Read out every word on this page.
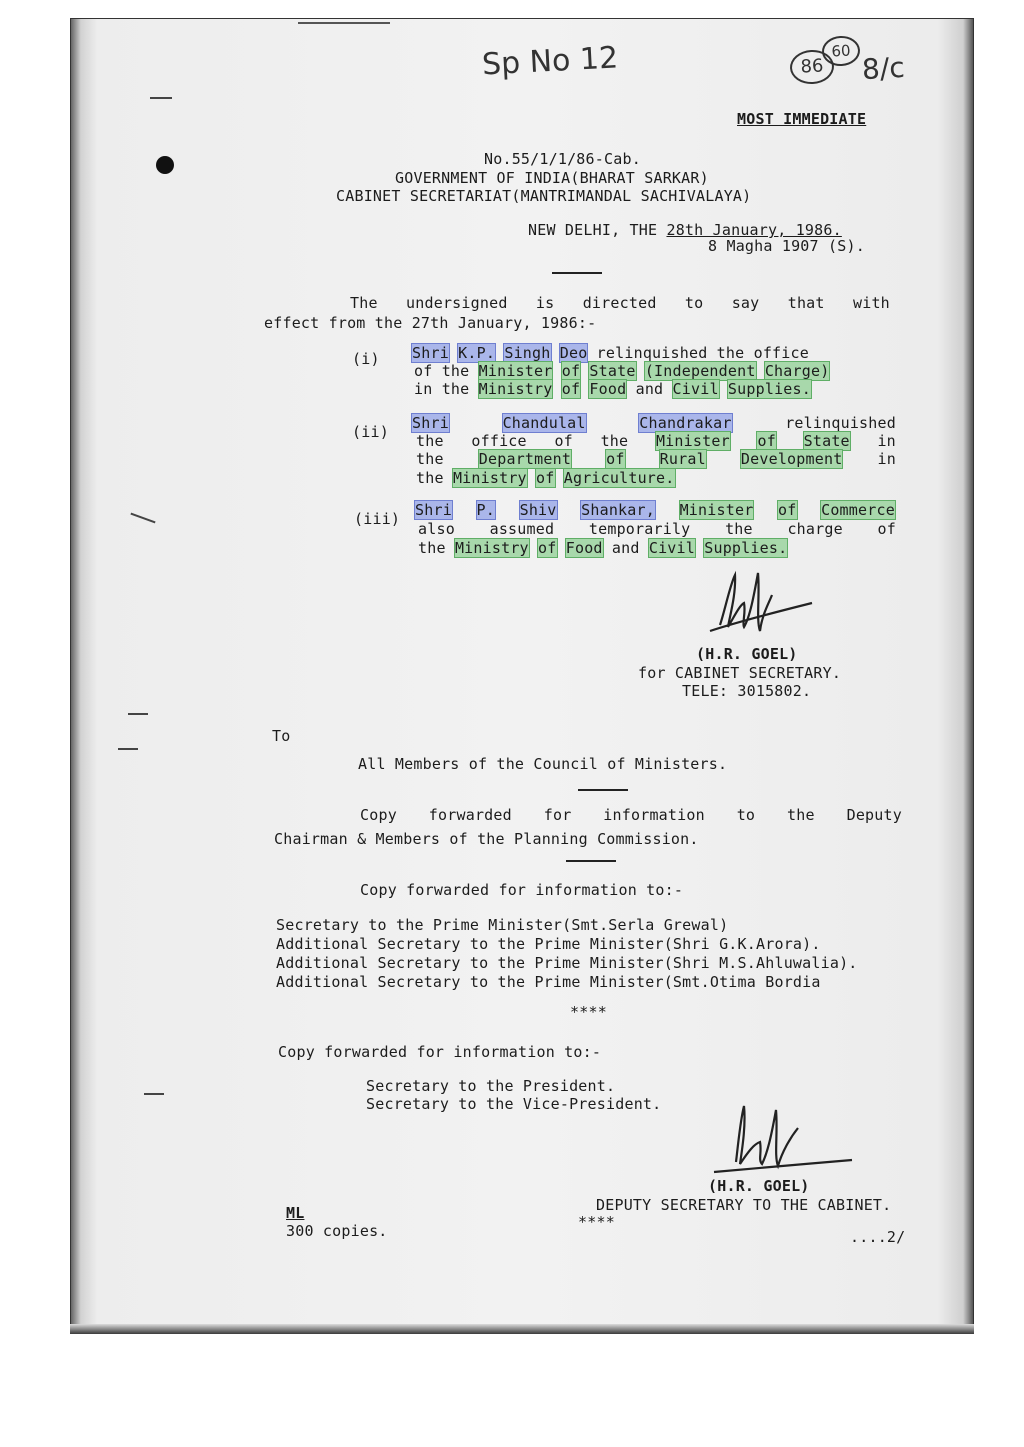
Sp No 12	86
60 8/c
MOST IMMEDIATE
No.55/1/1/86-Cab.
GOVERNMENT OF INDIA(BHARAT SARKAR)
CABINET SECRETARIAT(MANTRIMANDAL SACHIVALAYA)
NEW DELHI, THE 28th January, 1986.
8 Magha 1907 (S).
The undersigned is directed to say that with
effect from the 27th January, 1986:-
(i) Shri K.P. Singh Deo relinquished the office
of the Minister of State (Independent Charge)
in the Ministry of Food and Civil Supplies.
(ii) Shri	Chandulal	Chandrakar	relinquished
the office of the Minister of State in
the Department of Rural Development in
the Ministry of Agriculture.
(iii) Shri P. Shiv Shankar, Minister of Commerce
also assumed temporarily the charge of
the Ministry of Food and Civil Supplies.
(H.R. GOEL)
for CABINET SECRETARY.
TELE: 3015802.
To
All Members of the Council of Ministers.
Copy forwarded for information to the Deputy
Chairman & Members of the Planning Commission.
Copy forwarded for information to:-
Secretary to the Prime Minister(Smt.Serla Grewal)
Additional Secretary to the Prime Minister(Shri G.K.Arora).
Additional Secretary to the Prime Minister(Shri M.S.Ahluwalia).
Additional Secretary to the Prime Minister(Smt.Otima Bordia
****
Copy forwarded for information to:-
Secretary to the President.
Secretary to the Vice-President.
(H.R. GOEL)
DEPUTY SECRETARY TO THE CABINET.
****
ML
300 copies.	....2/
